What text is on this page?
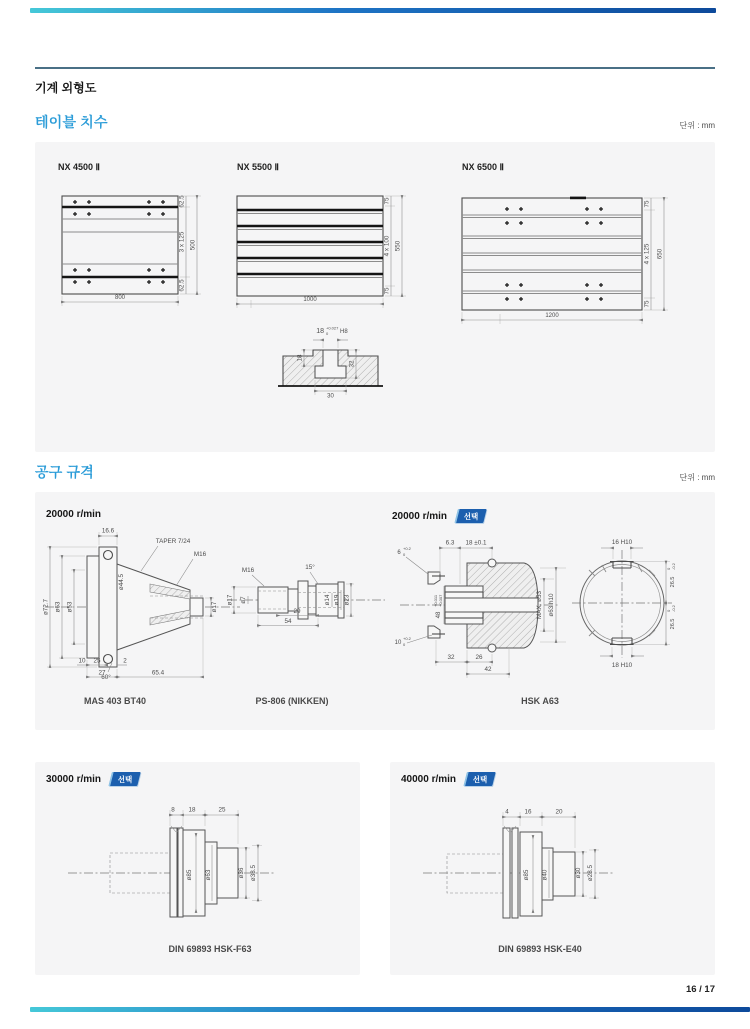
기계 외형도
테이블 치수	단위 : mm
NX 4500 Ⅱ	NX 5500 Ⅱ	NX 6500 Ⅱ
800
62.5
3 x 125
62.5
500
1000
75
4 x 100
75
550
1200
75
4 x 125
75
650
18 +0.027
0 H8
18
32
30
공구 규격	단위 : mm
20000 r/min
16.6
TAPER 7/24
M16
ø44.5
ø72.7 ø63 ø53	ø17
60°
10 25	2
27	65.4
MAS 403 BT40
M16	15°
ø17 ø7	ø14 ø19 ø23
29
54
PS-806 (NIKKEN)
20000 r/min	선택
6.3 18 ±0.1
6
+0.2
0
48
+0.011 +0.007	MAX. ø53 ø63 h10
10
+0.2
0
32	26
42
16 H10
18 H10
26.5
0 -0.2
26.5
0 -0.2
HSK A63
30000 r/min	선택
8 18	25
ø85 ø63	ø36 ø38.5
DIN 69893 HSK-F63
40000 r/min	선택
4 16	20
ø85 ø40	ø30 ø28.5
DIN 69893 HSK-E40
16 / 17
